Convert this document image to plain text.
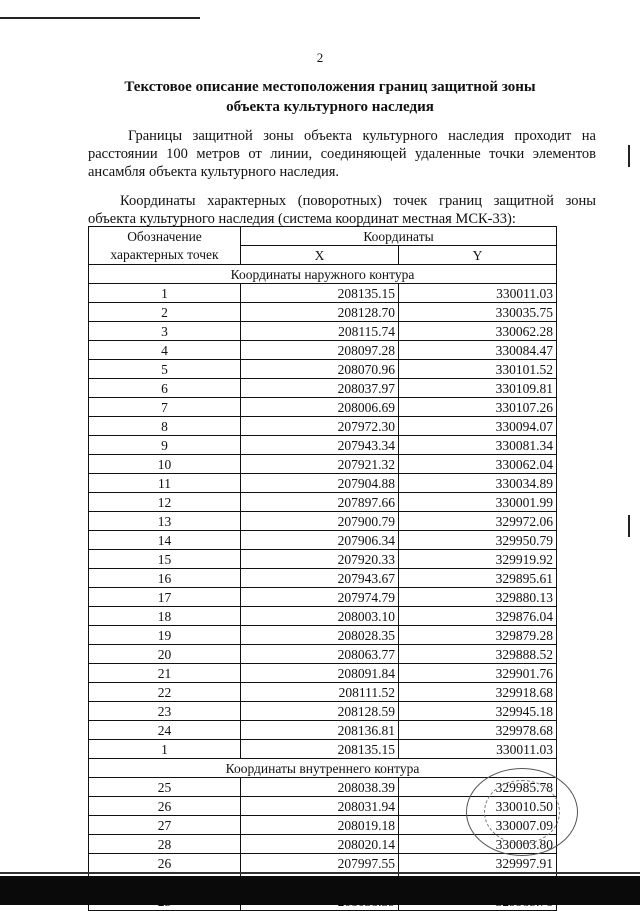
2
Текстовое описание местоположения границ защитной зоны
объекта культурного наследия
Границы защитной зоны объекта культурного наследия проходит на расстоянии 100 метров от линии, соединяющей удаленные точки элементов ансамбля объекта культурного наследия.
Координаты характерных (поворотных) точек границ защитной зоны объекта культурного наследия (система координат местная МСК-33):
Обозначение
характерных точек	Координаты	
	X	Y
Координаты наружного контура		
1	208135.15	330011.03
2	208128.70	330035.75
3	208115.74	330062.28
4	208097.28	330084.47
5	208070.96	330101.52
6	208037.97	330109.81
7	208006.69	330107.26
8	207972.30	330094.07
9	207943.34	330081.34
10	207921.32	330062.04
11	207904.88	330034.89
12	207897.66	330001.99
13	207900.79	329972.06
14	207906.34	329950.79
15	207920.33	329919.92
16	207943.67	329895.61
17	207974.79	329880.13
18	208003.10	329876.04
19	208028.35	329879.28
20	208063.77	329888.52
21	208091.84	329901.76
22	208111.52	329918.68
23	208128.59	329945.18
24	208136.81	329978.68
1	208135.15	330011.03
Координаты внутреннего контура		
25	208038.39	329985.78
26	208031.94	330010.50
27	208019.18	330007.09
28	208020.14	330003.80
26	207997.55	329997.91
